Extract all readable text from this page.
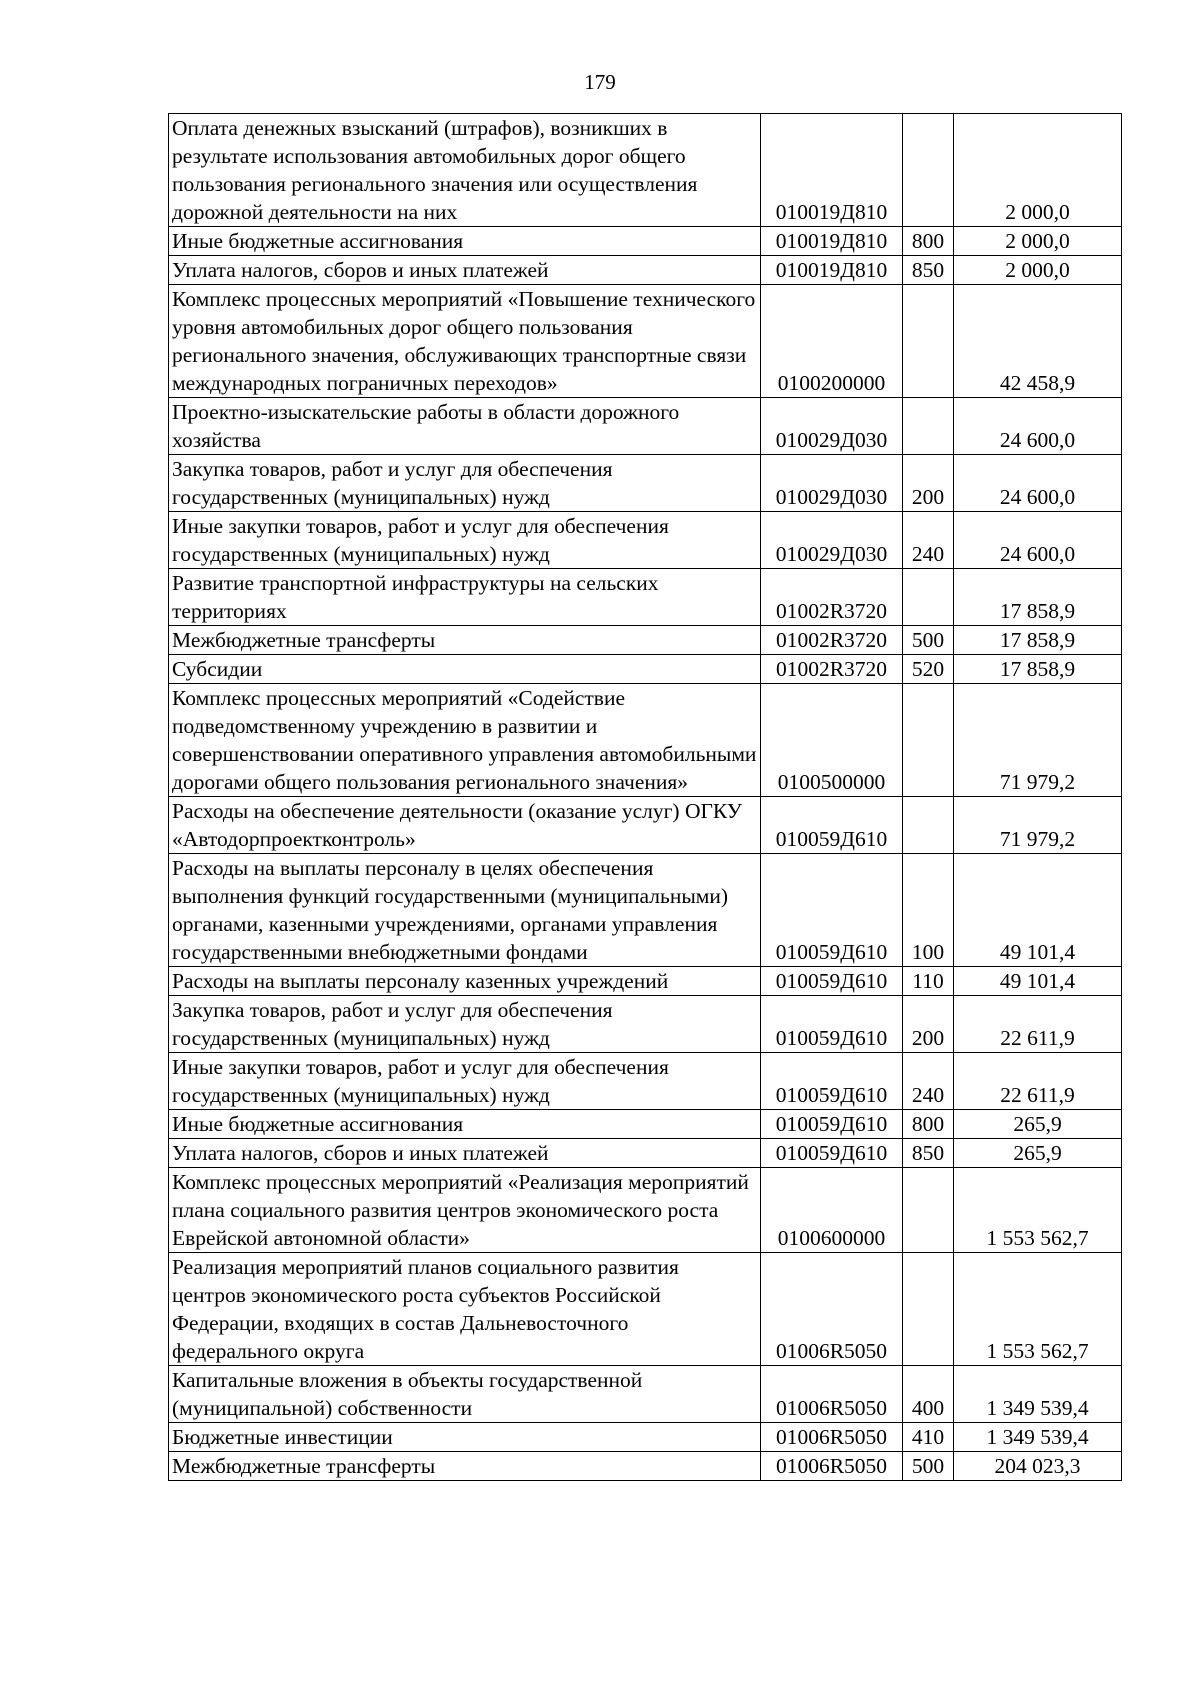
179
Оплата денежных взысканий (штрафов), возникших в результате использования автомобильных дорог общего пользования регионального значения или осуществления дорожной деятельности на них	010019Д810		2 000,0
Иные бюджетные ассигнования	010019Д810	800	2 000,0
Уплата налогов, сборов и иных платежей	010019Д810	850	2 000,0
Комплекс процессных мероприятий «Повышение технического уровня автомобильных дорог общего пользования регионального значения, обслуживающих транспортные связи международных пограничных переходов»	0100200000		42 458,9
Проектно-изыскательские работы в области дорожного хозяйства	010029Д030		24 600,0
Закупка товаров, работ и услуг для обеспечения государственных (муниципальных) нужд	010029Д030	200	24 600,0
Иные закупки товаров, работ и услуг для обеспечения государственных (муниципальных) нужд	010029Д030	240	24 600,0
Развитие транспортной инфраструктуры на сельских территориях	01002R3720		17 858,9
Межбюджетные трансферты	01002R3720	500	17 858,9
Субсидии	01002R3720	520	17 858,9
Комплекс процессных мероприятий «Содействие подведомственному учреждению в развитии и совершенствовании оперативного управления автомобильными дорогами общего пользования регионального значения»	0100500000		71 979,2
Расходы на обеспечение деятельности (оказание услуг) ОГКУ «Автодорпроектконтроль»	010059Д610		71 979,2
Расходы на выплаты персоналу в целях обеспечения выполнения функций государственными (муниципальными) органами, казенными учреждениями, органами управления государственными внебюджетными фондами	010059Д610	100	49 101,4
Расходы на выплаты персоналу казенных учреждений	010059Д610	110	49 101,4
Закупка товаров, работ и услуг для обеспечения государственных (муниципальных) нужд	010059Д610	200	22 611,9
Иные закупки товаров, работ и услуг для обеспечения государственных (муниципальных) нужд	010059Д610	240	22 611,9
Иные бюджетные ассигнования	010059Д610	800	265,9
Уплата налогов, сборов и иных платежей	010059Д610	850	265,9
Комплекс процессных мероприятий «Реализация мероприятий плана социального развития центров экономического роста Еврейской автономной области»	0100600000		1 553 562,7
Реализация мероприятий планов социального развития центров экономического роста субъектов Российской Федерации, входящих в состав Дальневосточного федерального округа	01006R5050		1 553 562,7
Капитальные вложения в объекты государственной (муниципальной) собственности	01006R5050	400	1 349 539,4
Бюджетные инвестиции	01006R5050	410	1 349 539,4
Межбюджетные трансферты	01006R5050	500	204 023,3
